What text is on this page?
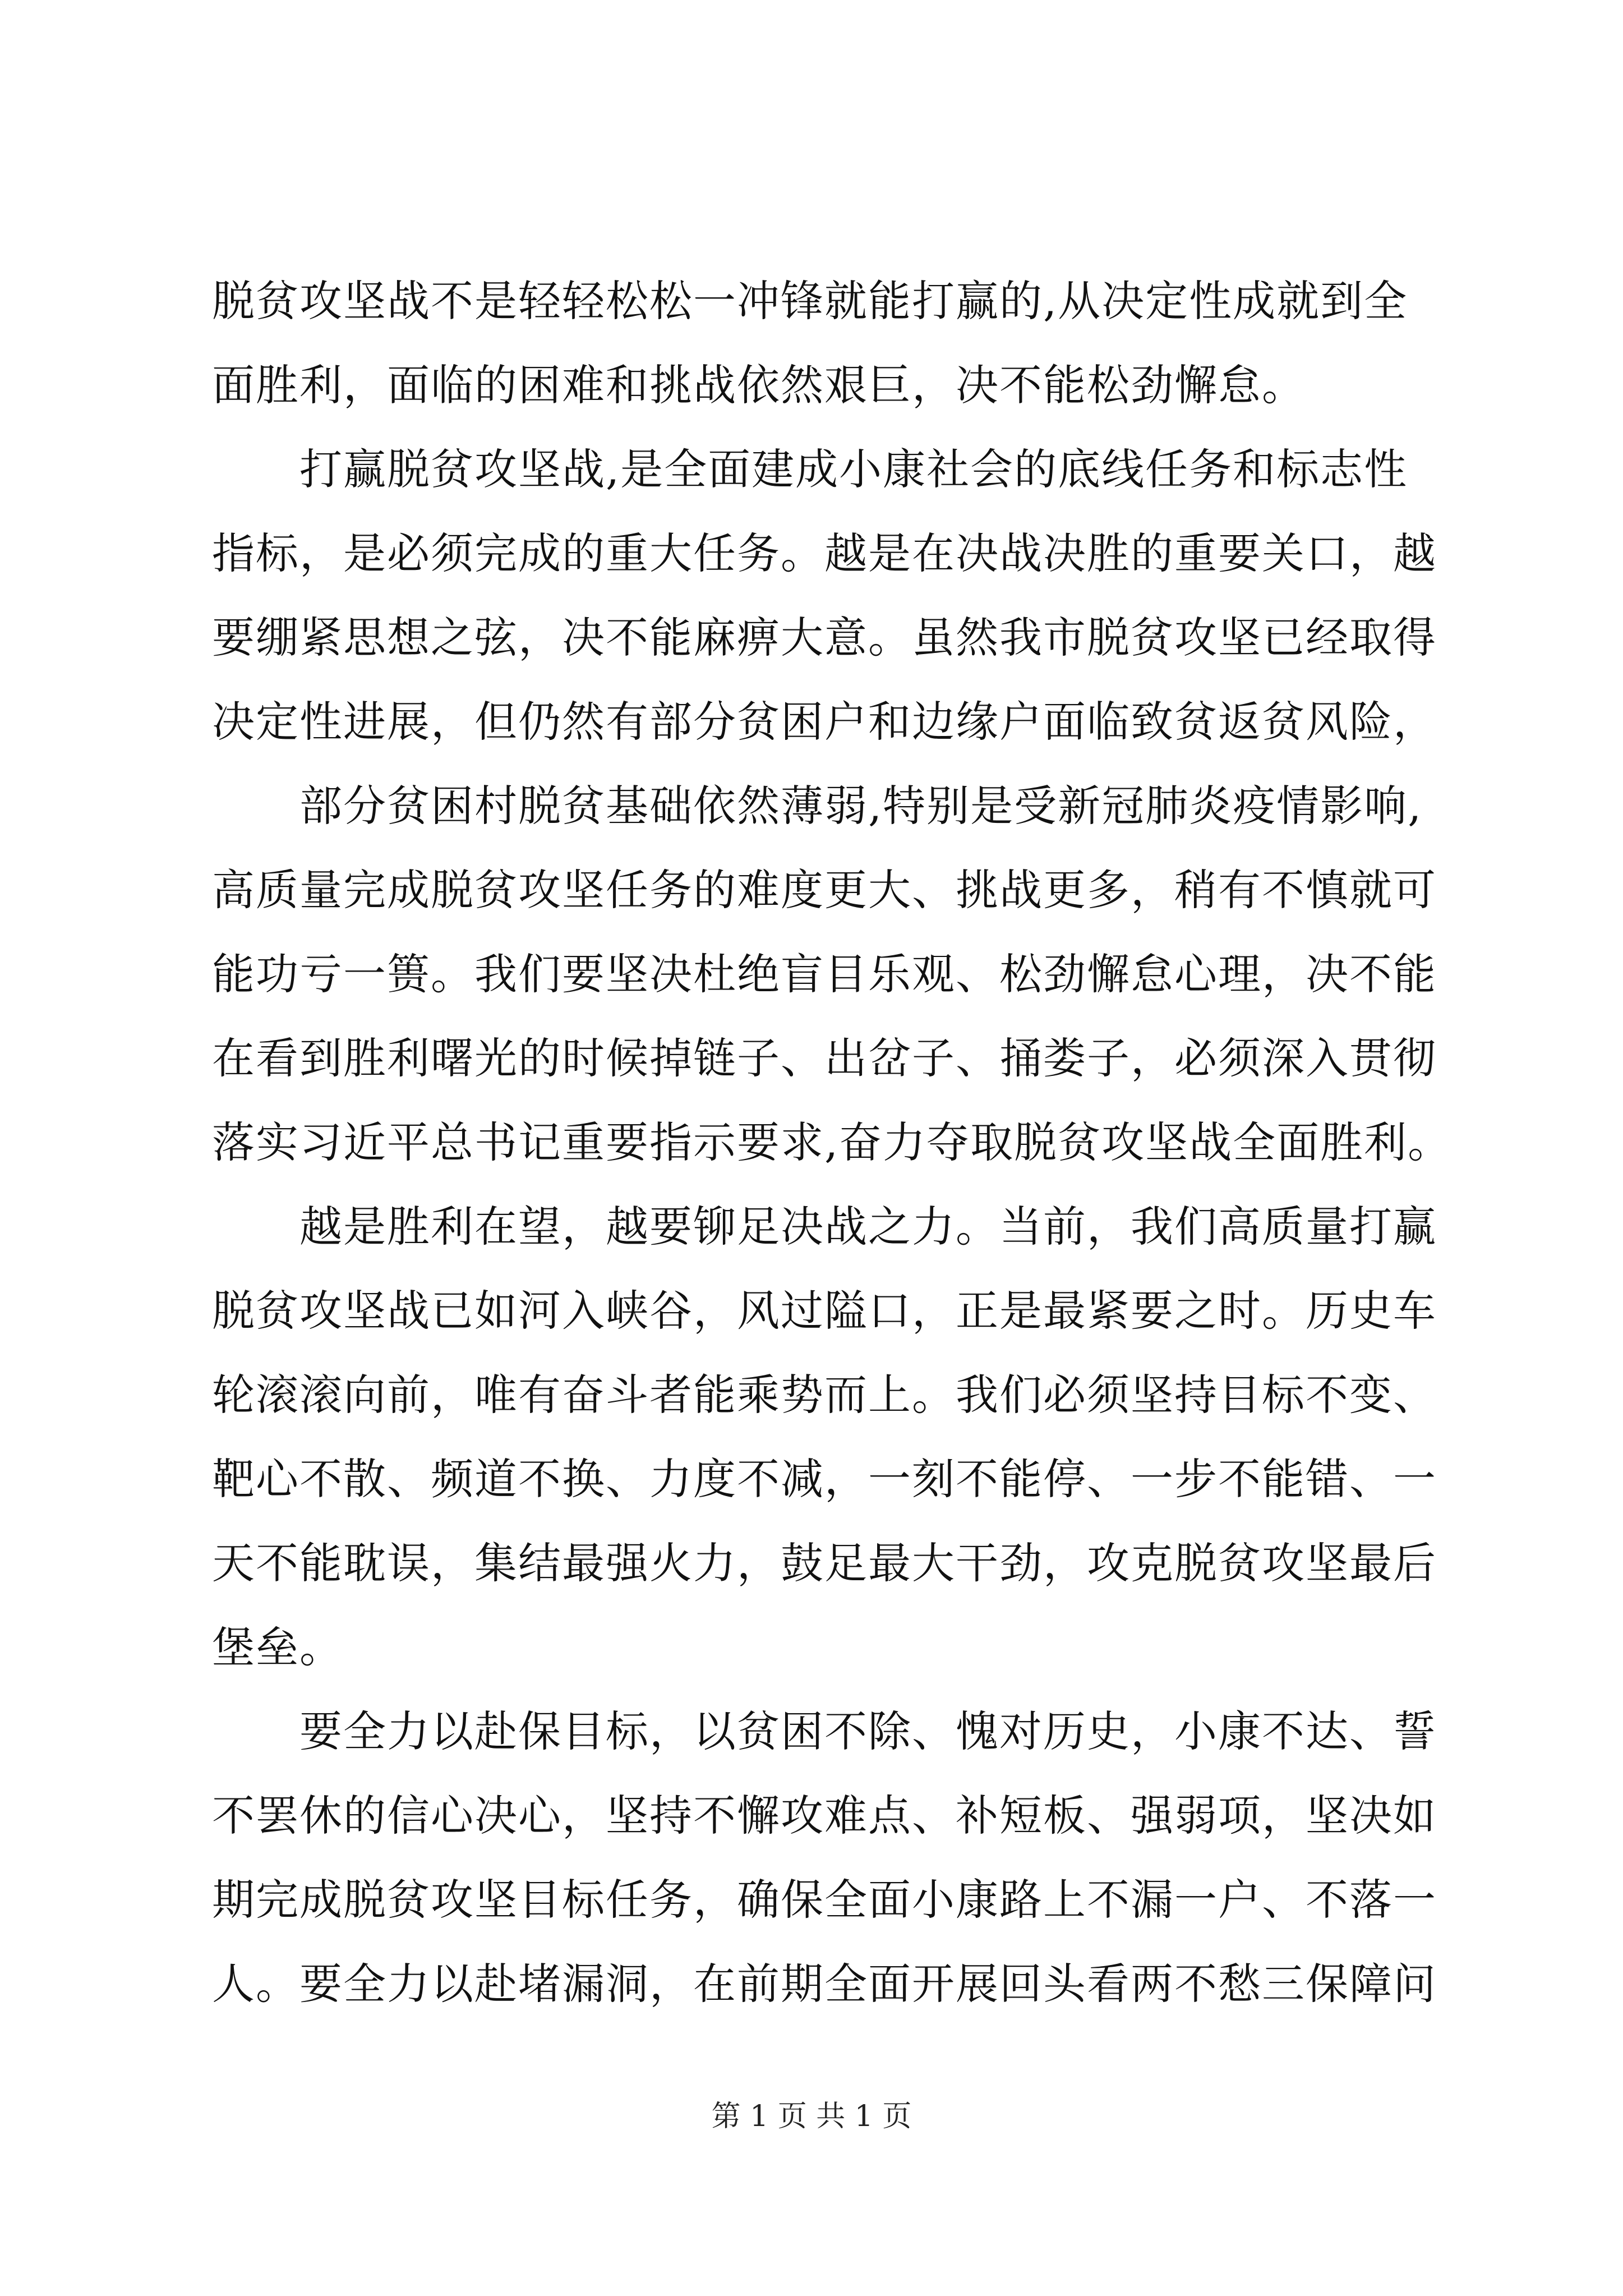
脱贫攻坚战不是轻轻松松一冲锋就能打赢的,从决定性成就到全
面胜利，面临的困难和挑战依然艰巨，决不能松劲懈怠。
　　打赢脱贫攻坚战,是全面建成小康社会的底线任务和标志性
指标，是必须完成的重大任务。越是在决战决胜的重要关口，越
要绷紧思想之弦，决不能麻痹大意。虽然我市脱贫攻坚已经取得
决定性进展，但仍然有部分贫困户和边缘户面临致贫返贫风险，
　　部分贫困村脱贫基础依然薄弱,特别是受新冠肺炎疫情影响,
高质量完成脱贫攻坚任务的难度更大、挑战更多，稍有不慎就可
能功亏一篑。我们要坚决杜绝盲目乐观、松劲懈怠心理，决不能
在看到胜利曙光的时候掉链子、出岔子、捅娄子，必须深入贯彻
落实习近平总书记重要指示要求,奋力夺取脱贫攻坚战全面胜利。
　　越是胜利在望，越要铆足决战之力。当前，我们高质量打赢
脱贫攻坚战已如河入峡谷，风过隘口，正是最紧要之时。历史车
轮滚滚向前，唯有奋斗者能乘势而上。我们必须坚持目标不变、
靶心不散、频道不换、力度不减，一刻不能停、一步不能错、一
天不能耽误，集结最强火力，鼓足最大干劲，攻克脱贫攻坚最后
堡垒。
　　要全力以赴保目标，以贫困不除、愧对历史，小康不达、誓
不罢休的信心决心，坚持不懈攻难点、补短板、强弱项，坚决如
期完成脱贫攻坚目标任务，确保全面小康路上不漏一户、不落一
人。要全力以赴堵漏洞，在前期全面开展回头看两不愁三保障问
第 1 页 共 1 页
